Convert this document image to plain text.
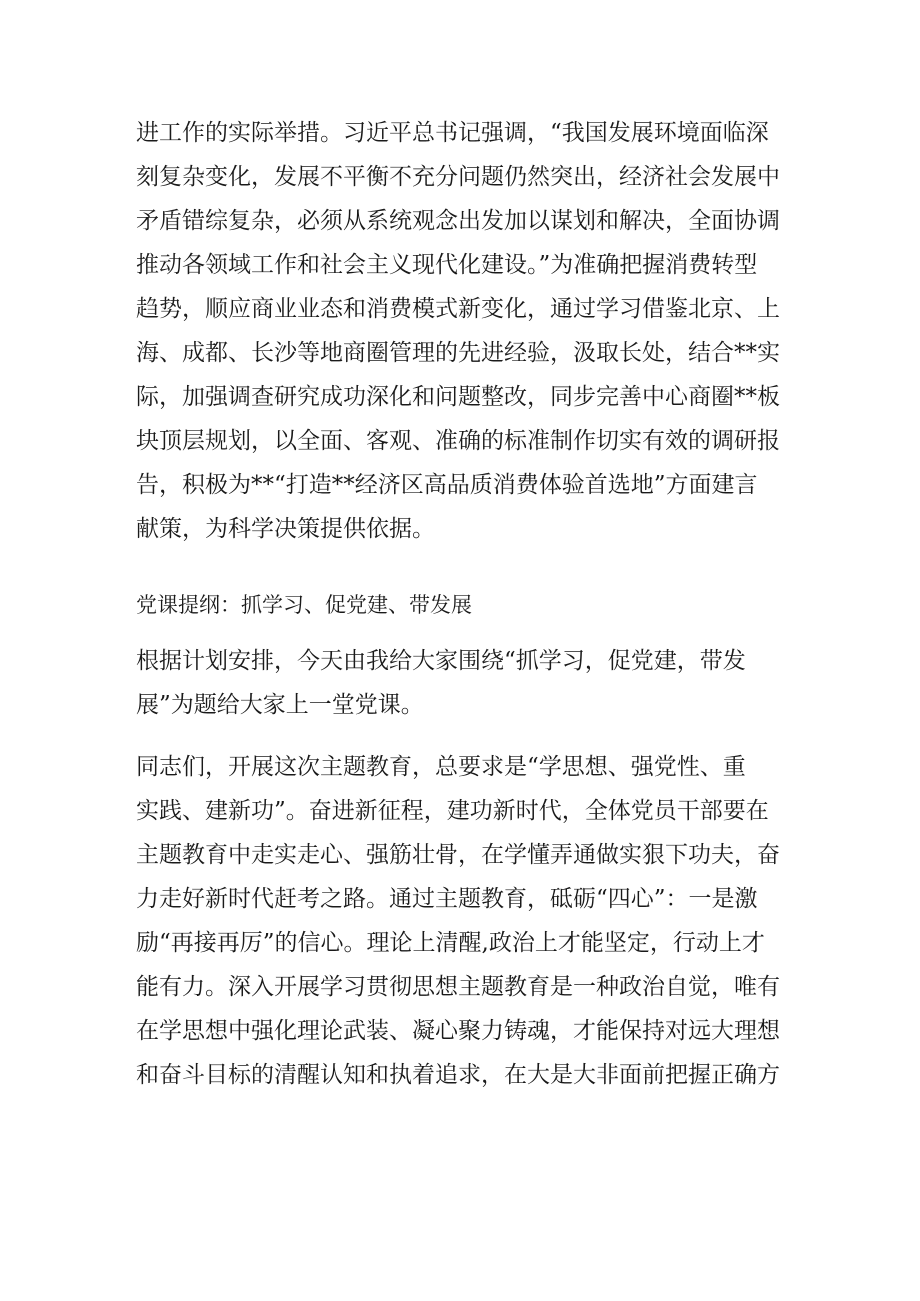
进工作的实际举措。习近平总书记强调，“我国发展环境面临深
刻复杂变化，发展不平衡不充分问题仍然突出，经济社会发展中
矛盾错综复杂，必须从系统观念出发加以谋划和解决，全面协调
推动各领域工作和社会主义现代化建设。”为准确把握消费转型
趋势，顺应商业业态和消费模式新变化，通过学习借鉴北京、上
海、成都、长沙等地商圈管理的先进经验，汲取长处，结合**实
际，加强调查研究成功深化和问题整改，同步完善中心商圈**板
块顶层规划，以全面、客观、准确的标准制作切实有效的调研报
告，积极为**“打造**经济区高品质消费体验首选地”方面建言
献策，为科学决策提供依据。
党课提纲：抓学习、促党建、带发展
根据计划安排，今天由我给大家围绕“抓学习，促党建，带发
展”为题给大家上一堂党课。
同志们，开展这次主题教育，总要求是“学思想、强党性、重
实践、建新功”。奋进新征程，建功新时代，全体党员干部要在
主题教育中走实走心、强筋壮骨，在学懂弄通做实狠下功夫，奋
力走好新时代赶考之路。通过主题教育，砥砺“四心”：一是激
励“再接再厉”的信心。理论上清醒,政治上才能坚定，行动上才
能有力。深入开展学习贯彻思想主题教育是一种政治自觉，唯有
在学思想中强化理论武装、凝心聚力铸魂，才能保持对远大理想
和奋斗目标的清醒认知和执着追求，在大是大非面前把握正确方
